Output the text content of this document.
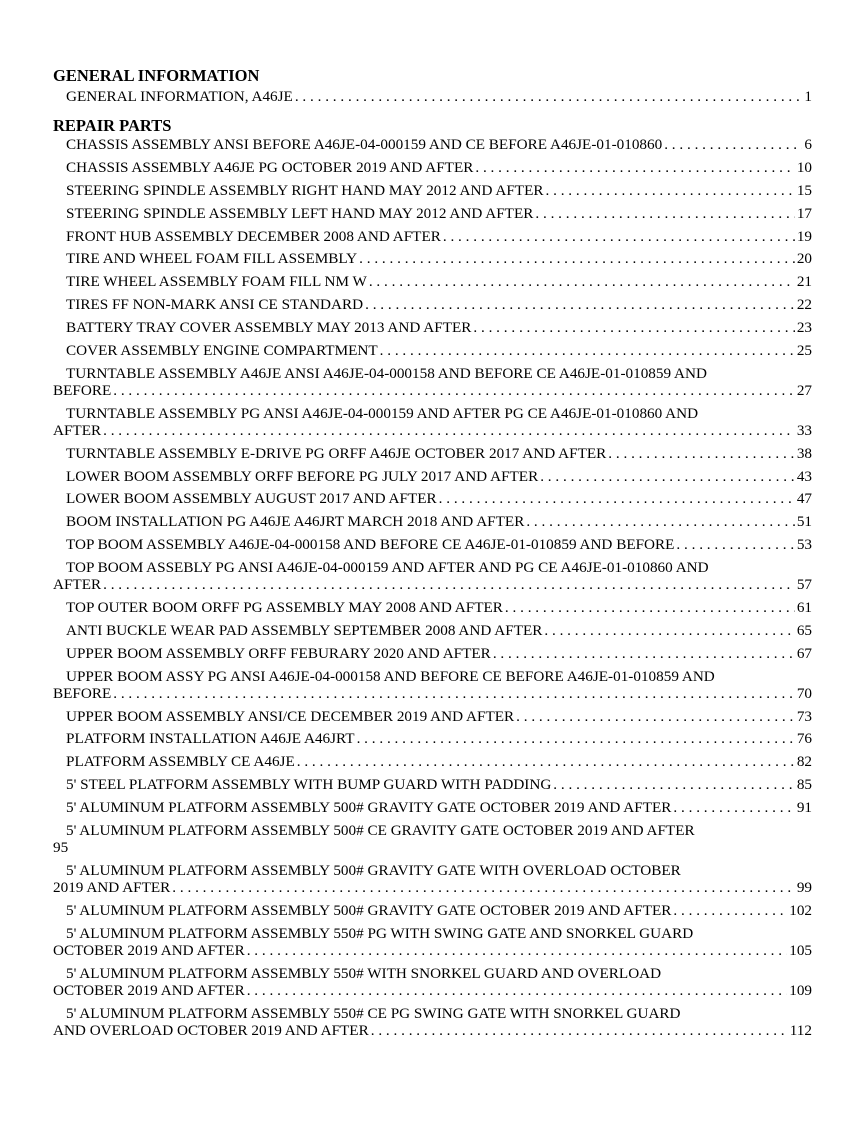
GENERAL INFORMATION
GENERAL INFORMATION, A46JE . . .	1
REPAIR PARTS
CHASSIS ASSEMBLY ANSI BEFORE A46JE-04-000159 AND CE BEFORE A46JE-01-010860 . . .	6
CHASSIS ASSEMBLY A46JE PG OCTOBER 2019 AND AFTER . . .	10
STEERING SPINDLE ASSEMBLY RIGHT HAND MAY 2012 AND AFTER . . .	15
STEERING SPINDLE ASSEMBLY LEFT HAND MAY 2012 AND AFTER . . .	17
FRONT HUB ASSEMBLY DECEMBER 2008 AND AFTER . . .	19
TIRE AND WHEEL FOAM FILL ASSEMBLY . . .	20
TIRE WHEEL ASSEMBLY FOAM FILL NM W . . .	21
TIRES FF NON-MARK ANSI CE STANDARD . . .	22
BATTERY TRAY COVER ASSEMBLY MAY 2013 AND AFTER . . .	23
COVER ASSEMBLY ENGINE COMPARTMENT . . .	25
TURNTABLE ASSEMBLY A46JE ANSI A46JE-04-000158 AND BEFORE CE A46JE-01-010859 AND
BEFORE . . .	27
TURNTABLE ASSEMBLY PG ANSI A46JE-04-000159 AND AFTER PG CE A46JE-01-010860 AND
AFTER . . .	33
TURNTABLE ASSEMBLY E-DRIVE PG ORFF A46JE OCTOBER 2017 AND AFTER . . .	38
LOWER BOOM ASSEMBLY ORFF BEFORE PG JULY 2017 AND AFTER . . .	43
LOWER BOOM ASSEMBLY AUGUST 2017 AND AFTER . . .	47
BOOM INSTALLATION PG A46JE A46JRT MARCH 2018 AND AFTER . . .	51
TOP BOOM ASSEMBLY A46JE-04-000158 AND BEFORE CE A46JE-01-010859 AND BEFORE . . .	53
TOP BOOM ASSEBLY PG ANSI A46JE-04-000159 AND AFTER AND PG CE A46JE-01-010860 AND
AFTER . . .	57
TOP OUTER BOOM ORFF PG ASSEMBLY MAY 2008 AND AFTER . . .	61
ANTI BUCKLE WEAR PAD ASSEMBLY SEPTEMBER 2008 AND AFTER . . .	65
UPPER BOOM ASSEMBLY ORFF FEBURARY 2020 AND AFTER . . .	67
UPPER BOOM ASSY PG ANSI A46JE-04-000158 AND BEFORE CE BEFORE A46JE-01-010859 AND
BEFORE . . .	70
UPPER BOOM ASSEMBLY ANSI/CE DECEMBER 2019 AND AFTER . . .	73
PLATFORM INSTALLATION A46JE A46JRT . . .	76
PLATFORM ASSEMBLY CE A46JE . . .	82
5' STEEL PLATFORM ASSEMBLY WITH BUMP GUARD WITH PADDING . . .	85
5' ALUMINUM PLATFORM ASSEMBLY 500# GRAVITY GATE OCTOBER 2019 AND AFTER . . .	91
5' ALUMINUM PLATFORM ASSEMBLY 500# CE GRAVITY GATE OCTOBER 2019 AND AFTER
95
5' ALUMINUM PLATFORM ASSEMBLY 500# GRAVITY GATE WITH OVERLOAD OCTOBER
2019 AND AFTER . . .	99
5' ALUMINUM PLATFORM ASSEMBLY 500# GRAVITY GATE OCTOBER 2019 AND AFTER . . .	102
5' ALUMINUM PLATFORM ASSEMBLY 550# PG WITH SWING GATE AND SNORKEL GUARD
OCTOBER 2019 AND AFTER . . .	105
5' ALUMINUM PLATFORM ASSEMBLY 550# WITH SNORKEL GUARD AND OVERLOAD
OCTOBER 2019 AND AFTER . . .	109
5' ALUMINUM PLATFORM ASSEMBLY 550# CE PG SWING GATE WITH SNORKEL GUARD
AND OVERLOAD OCTOBER 2019 AND AFTER . . .	112
